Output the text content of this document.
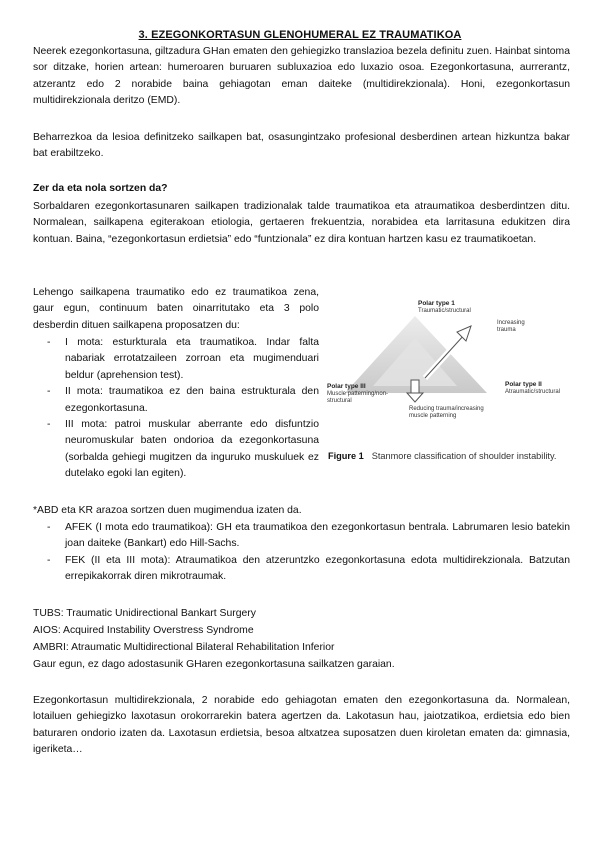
3. EZEGONKORTASUN GLENOHUMERAL EZ TRAUMATIKOA

Neerek ezegonkortasuna, giltzadura GHan ematen den gehiegizko translazioa bezela definitu zuen. Hainbat sintoma sor ditzake, horien artean: humeroaren buruaren subluxazioa edo luxazio osoa. Ezegonkortasuna, aurrerantz, atzerantz edo 2 norabide baina gehiagotan eman daiteke (multidirekzionala). Honi, ezegonkortasun multidirekzionala deritzo (EMD).

Beharrezkoa da lesioa definitzeko sailkapen bat, osasungintzako profesional desberdinen artean hizkuntza bakar bat erabiltzeko.

Zer da eta nola sortzen da?

Sorbaldaren ezegonkortasunaren sailkapen tradizionalak talde traumatikoa eta atraumatikoa desberdintzen ditu. Normalean, sailkapena egiterakoan etiologia, gertaeren frekuentzia, norabidea eta larritasuna edukitzen dira kontuan. Baina, “ezegonkortasun erdietsia” edo “funtzionala” ez dira kontuan hartzen kasu ez traumatikoetan.

Lehengo sailkapena traumatiko edo ez traumatikoa zena, gaur egun, continuum baten oinarritutako eta 3 polo desberdin dituen sailkapena proposatzen du:

- I mota: esturkturala eta traumatikoa. Indar falta nabariak errotatzaileen zorroan eta mugimenduari beldur (aprehension test).
- II mota: traumatikoa ez den baina estrukturala den ezegonkortasuna.
- III mota: patroi muskular aberrante edo disfuntzio neuromuskular baten ondorioa da ezegonkortasuna (sorbalda gehiegi mugitzen da inguruko muskuluek ez dutelako egoki lan egiten).
Polar type 1
Traumatic/structural
Increasing
trauma
Polar type III
Muscle patterning/non-
structural
Polar type II
Atraumatic/structural
Reducing trauma/increasing
muscle patterning
Figure 1 Stanmore classification of shoulder instability.
*ABD eta KR arazoa sortzen duen mugimendua izaten da.
- AFEK (I mota edo traumatikoa): GH eta traumatikoa den ezegonkortasun bentrala. Labrumaren lesio batekin joan daiteke (Bankart) edo Hill-Sachs.
- FEK (II eta III mota): Atraumatikoa den atzeruntzko ezegonkortasuna edota multidirekzionala. Batzutan errepikakorrak diren mikrotraumak.
TUBS: Traumatic Unidirectional Bankart Surgery
AIOS: Acquired Instability Overstress Syndrome
AMBRI: Atraumatic Multidirectional Bilateral Rehabilitation Inferior
Gaur egun, ez dago adostasunik GHaren ezegonkortasuna sailkatzen garaian.

Ezegonkortasun multidirekzionala, 2 norabide edo gehiagotan ematen den ezegonkortasuna da. Normalean, lotailuen gehiegizko laxotasun orokorrarekin batera agertzen da. Lakotasun hau, jaiotzatikoa, erdietsia edo bien baturaren ondorio izaten da. Laxotasun erdietsia, besoa altxatzea suposatzen duen kiroletan ematen da: gimnasia, igeriketa…
